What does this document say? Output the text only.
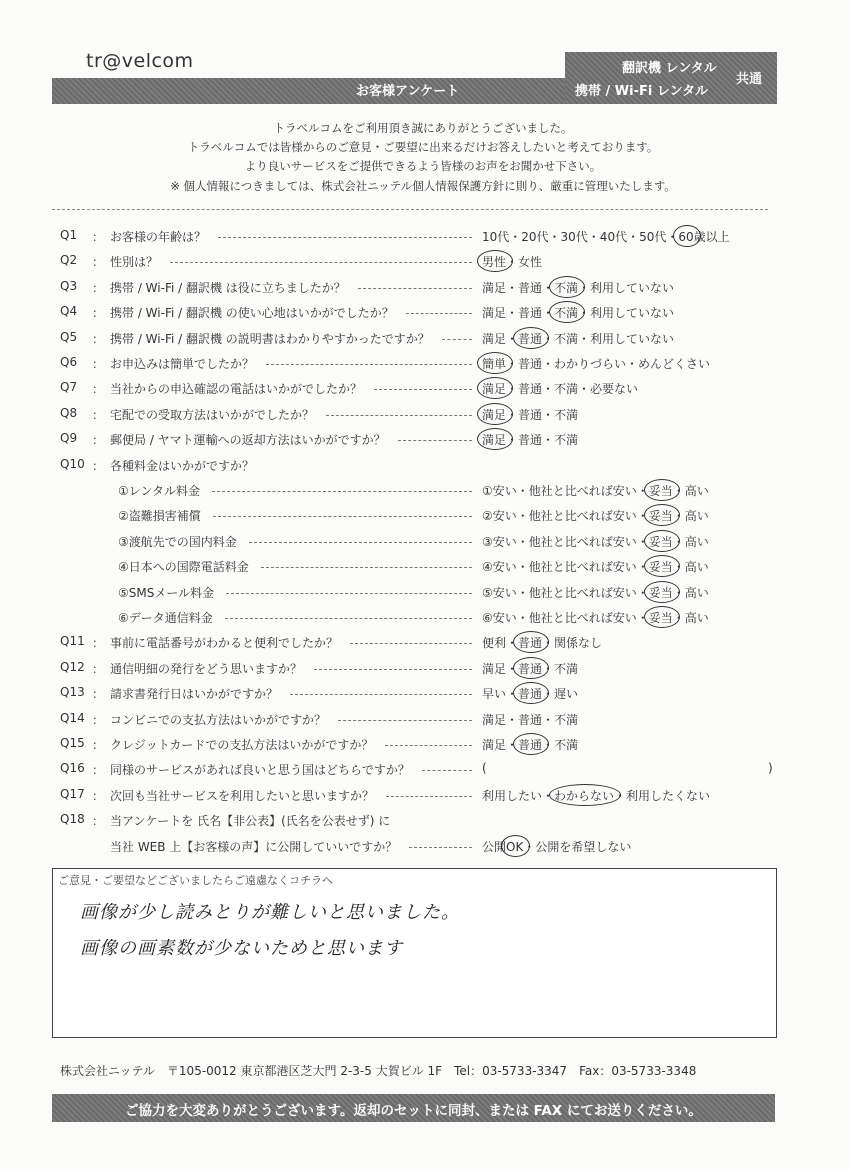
tr@velcom
お客様アンケート
翻訳機 レンタル
携帯 / Wi-Fi レンタル
共通
トラベルコムをご利用頂き誠にありがとうございました。
トラベルコムでは皆様からのご意見・ご要望に出来るだけお答えしたいと考えております。
より良いサービスをご提供できるよう皆様のお声をお聞かせ下さい。
※ 個人情報につきましては、株式会社ニッテル個人情報保護方針に則り、厳重に管理いたします。
Q1 ： お客様の年齢は？	10代・20代・30代・40代・50代・60歳以上
Q2 ： 性別は？	男性・女性
Q3 ： 携帯 / Wi-Fi / 翻訳機 は役に立ちましたか？	満足・普通・不満・利用していない
Q4 ： 携帯 / Wi-Fi / 翻訳機 の使い心地はいかがでしたか？	満足・普通・不満・利用していない
Q5 ： 携帯 / Wi-Fi / 翻訳機 の説明書はわかりやすかったですか？	満足・普通・不満・利用していない
Q6 ： お申込みは簡単でしたか？	簡単・普通・わかりづらい・めんどくさい
Q7 ： 当社からの申込確認の電話はいかがでしたか？	満足・普通・不満・必要ない
Q8 ： 宅配での受取方法はいかがでしたか？	満足・普通・不満
Q9 ： 郵便局 / ヤマト運輸への返却方法はいかがですか？	満足・普通・不満
Q10 ： 各種料金はいかがですか？
①レンタル料金	①安い・他社と比べれば安い・妥当・高い
②盗難損害補償	②安い・他社と比べれば安い・妥当・高い
③渡航先での国内料金	③安い・他社と比べれば安い・妥当・高い
④日本への国際電話料金	④安い・他社と比べれば安い・妥当・高い
⑤SMSメール料金	⑤安い・他社と比べれば安い・妥当・高い
⑥データ通信料金	⑥安い・他社と比べれば安い・妥当・高い
Q11 ： 事前に電話番号がわかると便利でしたか？	便利・普通・関係なし
Q12 ： 通信明細の発行をどう思いますか？	満足・普通・不満
Q13 ： 請求書発行日はいかがですか？	早い・普通・遅い
Q14 ： コンビニでの支払方法はいかがですか？	満足・普通・不満
Q15 ： クレジットカードでの支払方法はいかがですか？	満足・普通・不満
Q16 ： 同様のサービスがあれば良いと思う国はどちらですか？	(	)
Q17 ： 次回も当社サービスを利用したいと思いますか？	利用したい・わからない・利用したくない
Q18 ： 当アンケートを 氏名【非公表】(氏名を公表せず) に
当社 WEB 上【お客様の声】に公開していいですか？	公開OK・公開を希望しない
ご意見・ご要望などございましたらご遠慮なくコチラへ
画像が少し読みとりが難しいと思いました。
画像の画素数が少ないためと思います
株式会社ニッテル　〒105-0012 東京都港区芝大門 2-3-5 大賀ビル 1F　Tel：03-5733-3347　Fax：03-5733-3348
ご協力を大変ありがとうございます。返却のセットに同封、または FAX にてお送りください。
